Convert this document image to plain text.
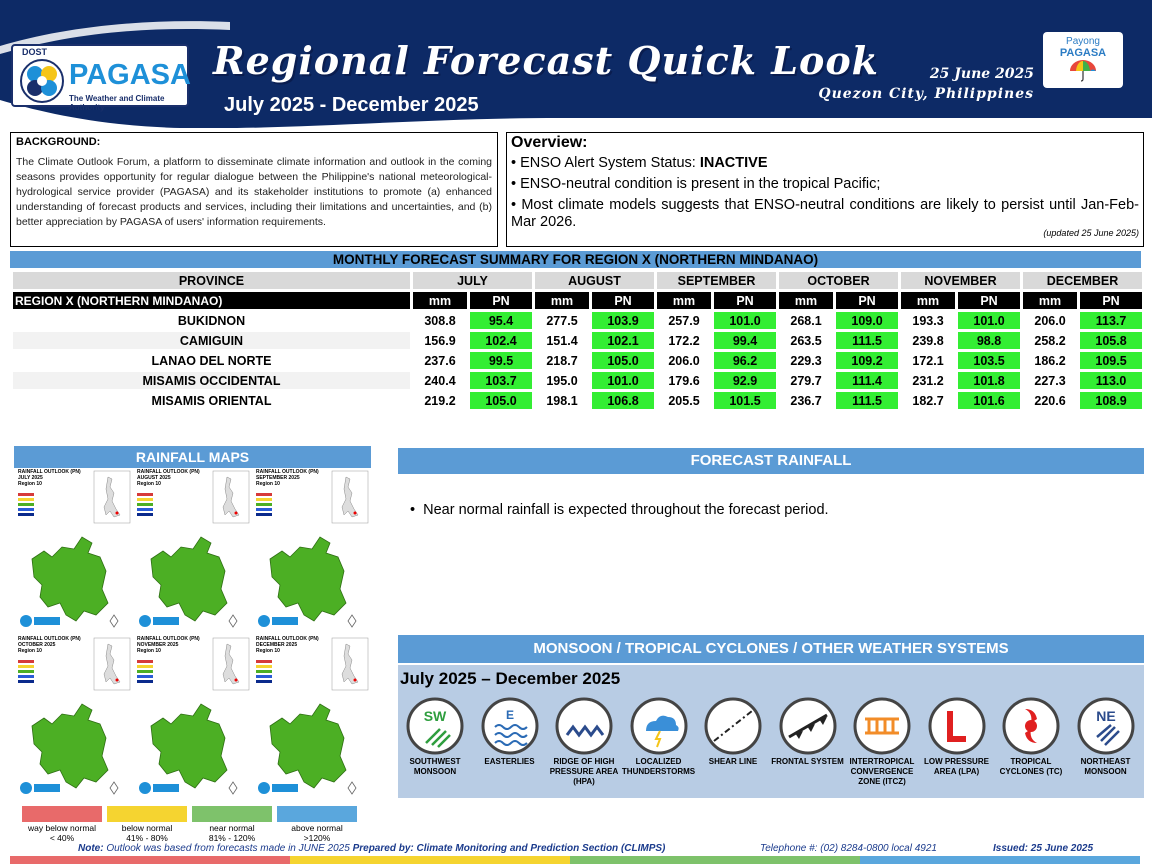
DOST
PAGASA
The Weather and Climate Authority
Regional Forecast Quick Look
July 2025 - December 2025
25 June 2025
Quezon City, Philippines
Payong
PAGASA
BACKGROUND:
The Climate Outlook Forum, a platform to disseminate climate information and outlook in the coming seasons provides opportunity for regular dialogue between the Philippine's national meteorological-hydrological service provider (PAGASA) and its stakeholder institutions to promote (a) enhanced understanding of forecast products and services, including their limitations and uncertainties, and (b) better appreciation by PAGASA of users' information requirements.
Overview:
• ENSO Alert System Status: INACTIVE
• ENSO-neutral condition is present in the tropical Pacific;
• Most climate models suggests that ENSO-neutral conditions are likely to persist until Jan-Feb-Mar 2026.
(updated 25 June 2025)
MONTHLY FORECAST SUMMARY FOR REGION X (NORTHERN MINDANAO)
PROVINCE	JULY		AUGUST		SEPTEMBER		OCTOBER		NOVEMBER		DECEMBER	
REGION X (NORTHERN MINDANAO)	mm	PN	mm	PN	mm	PN	mm	PN	mm	PN	mm	PN
BUKIDNON	308.8	95.4	277.5	103.9	257.9	101.0	268.1	109.0	193.3	101.0	206.0	113.7
CAMIGUIN	156.9	102.4	151.4	102.1	172.2	99.4	263.5	111.5	239.8	98.8	258.2	105.8
LANAO DEL NORTE	237.6	99.5	218.7	105.0	206.0	96.2	229.3	109.2	172.1	103.5	186.2	109.5
MISAMIS OCCIDENTAL	240.4	103.7	195.0	101.0	179.6	92.9	279.7	111.4	231.2	101.8	227.3	113.0
MISAMIS ORIENTAL	219.2	105.0	198.1	106.8	205.5	101.5	236.7	111.5	182.7	101.6	220.6	108.9
RAINFALL MAPS
RAINFALL OUTLOOK (PN)
JULY 2025
Region 10
RAINFALL OUTLOOK (PN)
AUGUST 2025
Region 10
RAINFALL OUTLOOK (PN)
SEPTEMBER 2025
Region 10
RAINFALL OUTLOOK (PN)
OCTOBER 2025
Region 10
RAINFALL OUTLOOK (PN)
NOVEMBER 2025
Region 10
RAINFALL OUTLOOK (PN)
DECEMBER 2025
Region 10
way below normal
< 40%
below normal
41% - 80%
near normal
81% - 120%
above normal
>120%
FORECAST RAINFALL
•  Near normal rainfall is expected throughout the forecast period.
MONSOON / TROPICAL CYCLONES / OTHER WEATHER SYSTEMS
July 2025 – December 2025
SW
SOUTHWEST MONSOON
E
EASTERLIES	RIDGE OF HIGH PRESSURE AREA (HPA)
LOCALIZED THUNDERSTORMS
SHEAR LINE	FRONTAL SYSTEM INTERTROPICAL CONVERGENCE ZONE (ITCZ)
LOW PRESSURE AREA (LPA)
TROPICAL CYCLONES (TC)
NE
NORTHEAST MONSOON
Note: Outlook was based from forecasts made in JUNE 2025 Prepared by: Climate Monitoring and Prediction Section (CLIMPS)	Telephone #: (02) 8284-0800 local 4921	Issued: 25 June 2025
